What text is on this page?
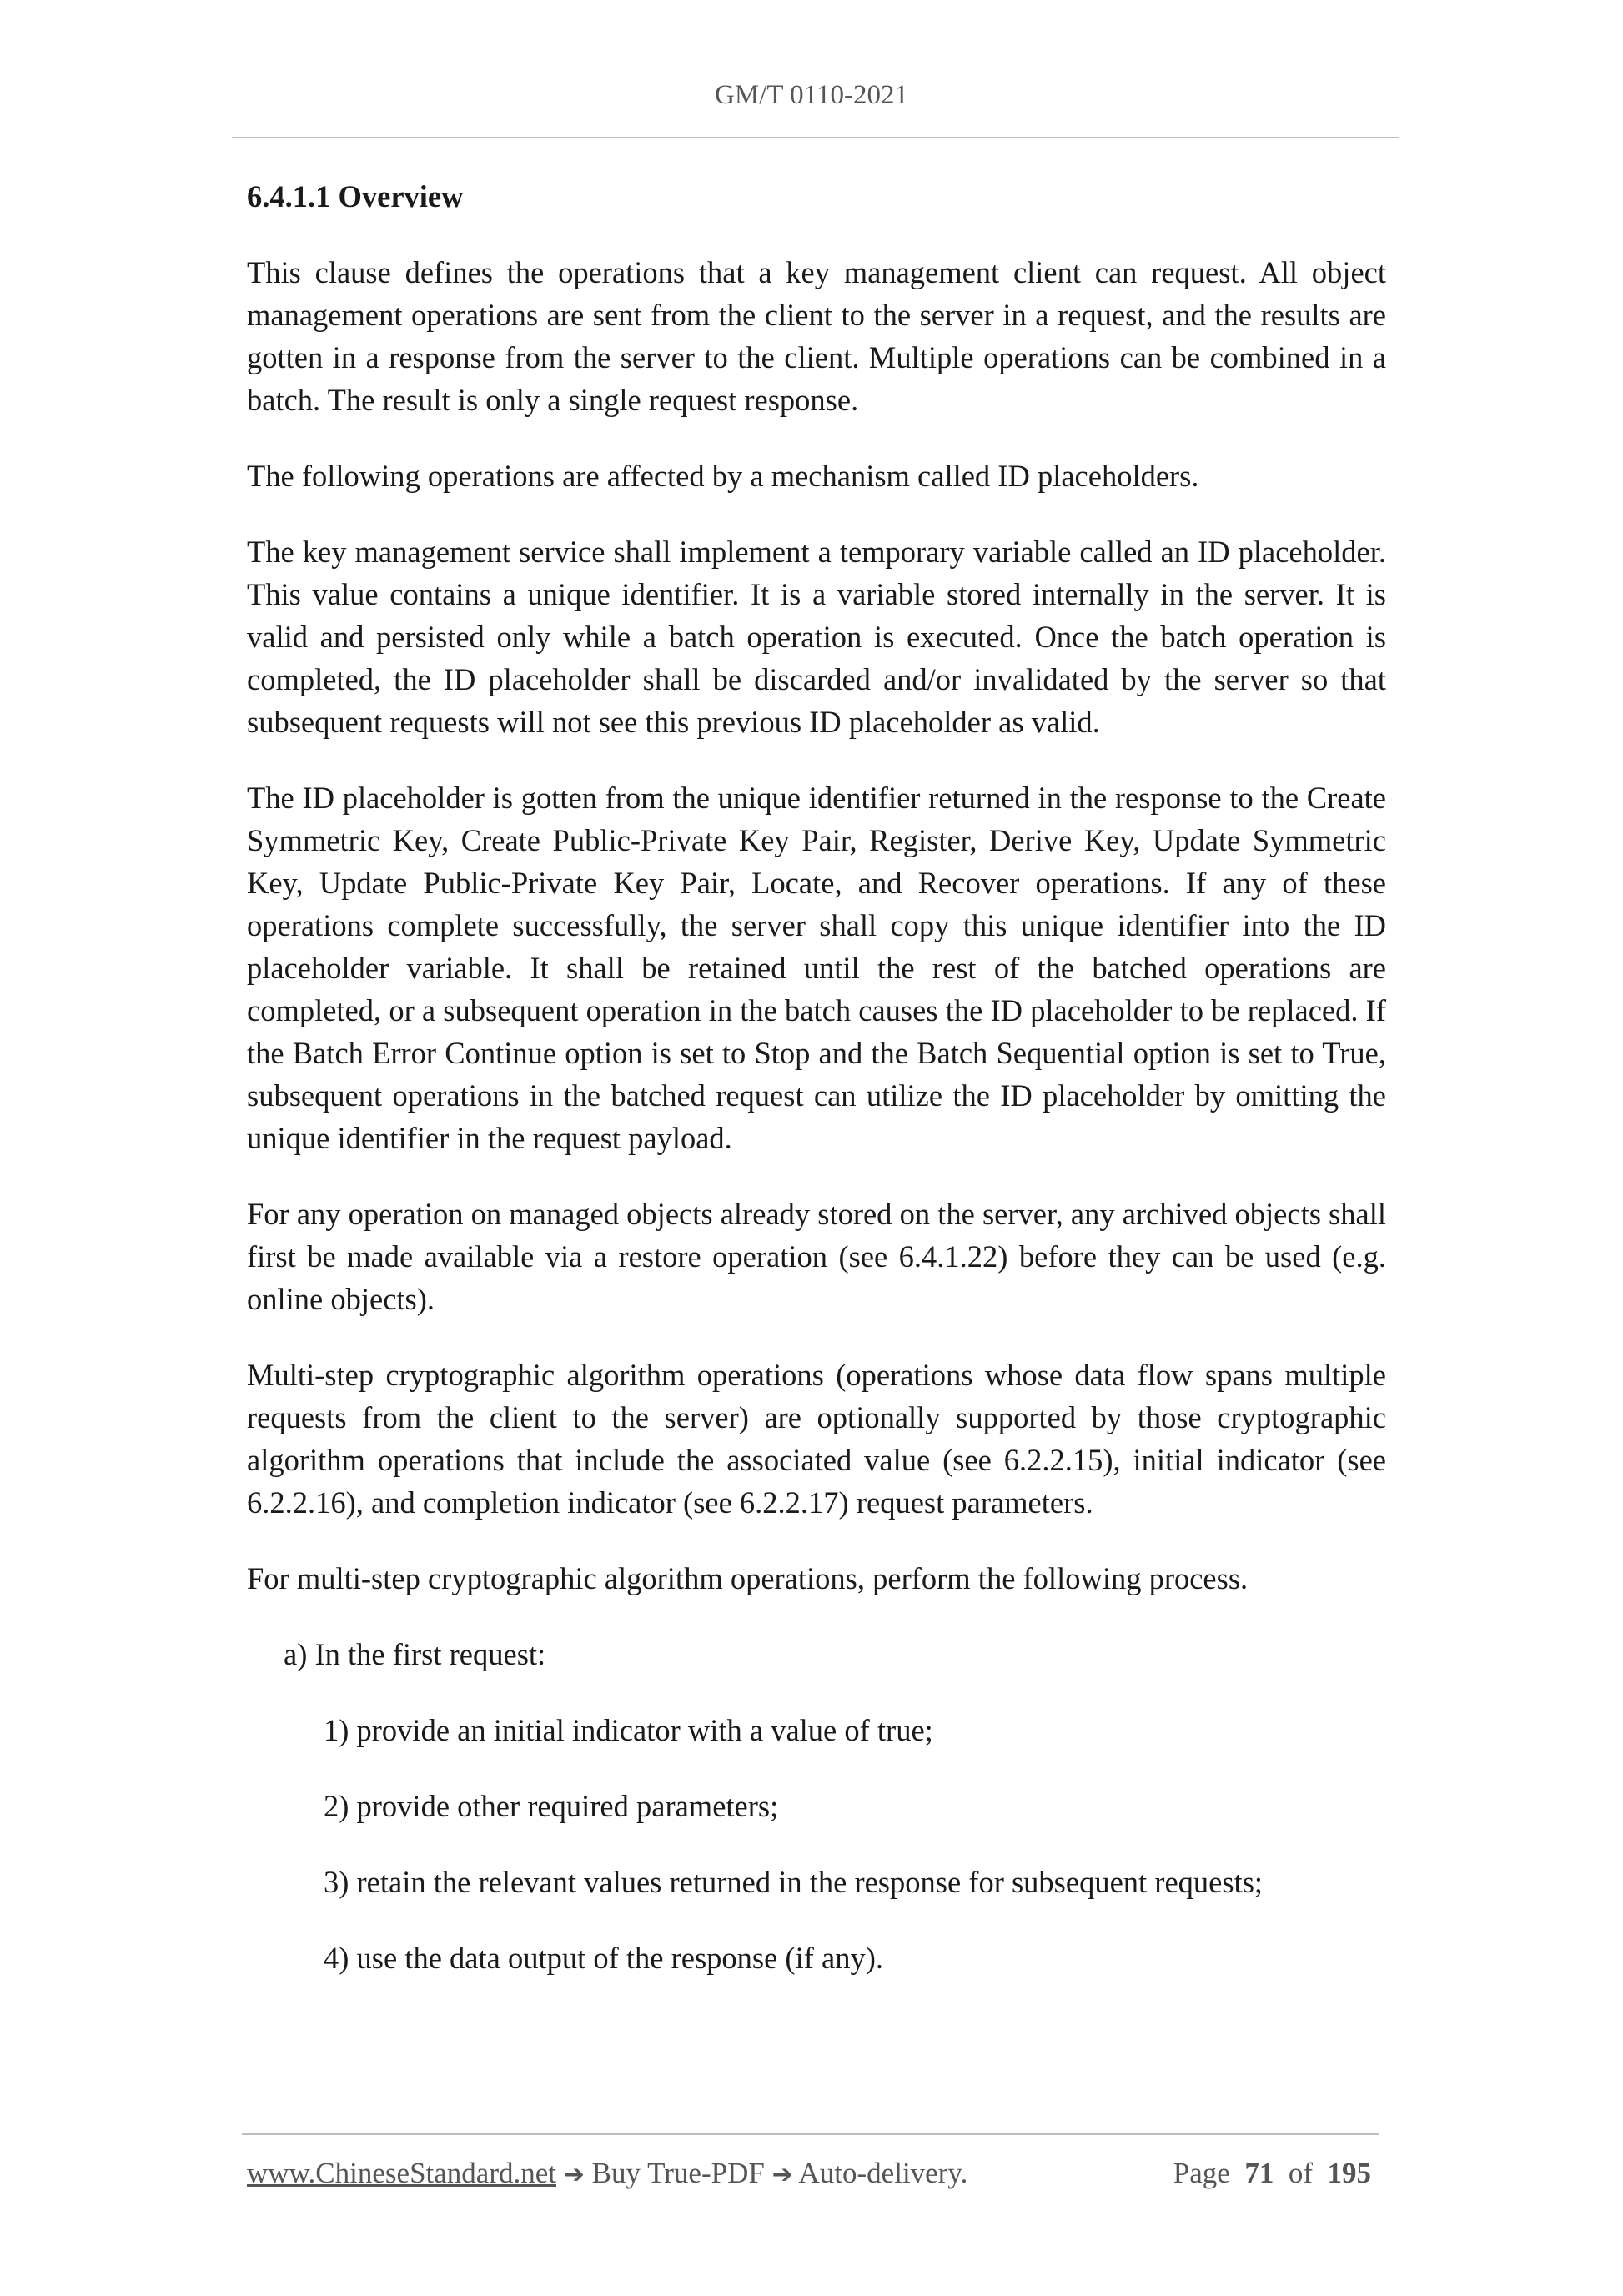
GM/T 0110-2021
6.4.1.1 Overview

This clause defines the operations that a key management client can request. All object management operations are sent from the client to the server in a request, and the results are gotten in a response from the server to the client. Multiple operations can be combined in a batch. The result is only a single request response.

The following operations are affected by a mechanism called ID placeholders.

The key management service shall implement a temporary variable called an ID placeholder. This value contains a unique identifier. It is a variable stored internally in the server. It is valid and persisted only while a batch operation is executed. Once the batch operation is completed, the ID placeholder shall be discarded and/or invalidated by the server so that subsequent requests will not see this previous ID placeholder as valid.

The ID placeholder is gotten from the unique identifier returned in the response to the Create Symmetric Key, Create Public-Private Key Pair, Register, Derive Key, Update Symmetric Key, Update Public-Private Key Pair, Locate, and Recover operations. If any of these operations complete successfully, the server shall copy this unique identifier into the ID placeholder variable. It shall be retained until the rest of the batched operations are completed, or a subsequent operation in the batch causes the ID placeholder to be replaced. If the Batch Error Continue option is set to Stop and the Batch Sequential option is set to True, subsequent operations in the batched request can utilize the ID placeholder by omitting the unique identifier in the request payload.

For any operation on managed objects already stored on the server, any archived objects shall first be made available via a restore operation (see 6.4.1.22) before they can be used (e.g. online objects).

Multi-step cryptographic algorithm operations (operations whose data flow spans multiple requests from the client to the server) are optionally supported by those cryptographic algorithm operations that include the associated value (see 6.2.2.15), initial indicator (see 6.2.2.16), and completion indicator (see 6.2.2.17) request parameters.

For multi-step cryptographic algorithm operations, perform the following process.

a) In the first request:

1) provide an initial indicator with a value of true;

2) provide other required parameters;

3) retain the relevant values returned in the response for subsequent requests;

4) use the data output of the response (if any).

www.ChineseStandard.net ➔ Buy True-PDF ➔ Auto-delivery.	Page 71 of 195
